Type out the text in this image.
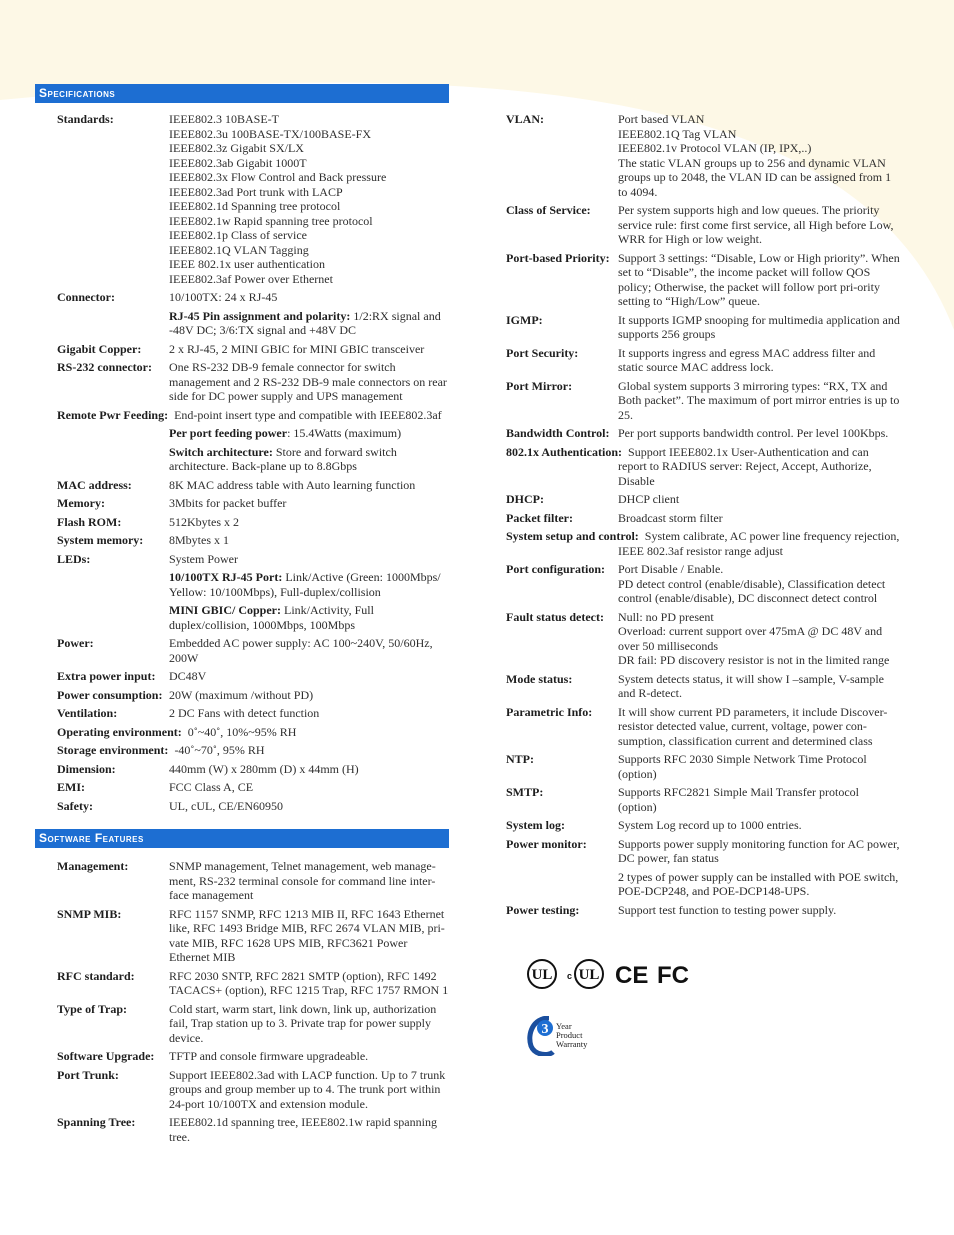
Specifications
Standards:	IEEE802.3 10BASE-T
IEEE802.3u 100BASE-TX/100BASE-FX
IEEE802.3z Gigabit SX/LX
IEEE802.3ab Gigabit 1000T
IEEE802.3x Flow Control and Back pressure
IEEE802.3ad Port trunk with LACP
IEEE802.1d Spanning tree protocol
IEEE802.1w Rapid spanning tree protocol
IEEE802.1p Class of service
IEEE802.1Q VLAN Tagging
IEEE 802.1x user authentication
IEEE802.3af Power over Ethernet
Connector:	10/100TX: 24 x RJ-45
RJ-45 Pin assignment and polarity: 1/2:RX signal and -48V DC; 3/6:TX signal and +48V DC
Gigabit Copper: 2 x RJ-45, 2 MINI GBIC for MINI GBIC transceiver
RS-232 connector: One RS-232 DB-9 female connector for switch management and 2 RS-232 DB-9 male connectors on rear side for DC power supply and UPS management
Remote Pwr Feeding: End-point insert type and compatible with IEEE802.3af
Per port feeding power: 15.4Watts (maximum)
Switch architecture: Store and forward switch architecture. Back-plane up to 8.8Gbps
MAC address:	8K MAC address table with Auto learning function
Memory:	3Mbits for packet buffer
Flash ROM:	512Kbytes x 2
System memory: 8Mbytes x 1
LEDs:	System Power
10/100TX RJ-45 Port: Link/Active (Green: 1000Mbps/ Yellow: 10/100Mbps), Full-duplex/collision
MINI GBIC/ Copper: Link/Activity, Full duplex/collision, 1000Mbps, 100Mbps
Power:	Embedded AC power supply: AC 100~240V, 50/60Hz, 200W
Extra power input: DC48V
Power consumption: 20W (maximum /without PD)
Ventilation:	2 DC Fans with detect function
Operating environment: 0˚~40˚, 10%~95% RH
Storage environment: -40˚~70˚, 95% RH
Dimension:	440mm (W) x 280mm (D) x 44mm (H)
EMI:	FCC Class A, CE
Safety:	UL, cUL, CE/EN60950
Software Features
Management:	SNMP management, Telnet management, web manage-ment, RS-232 terminal console for command line inter-face management
SNMP MIB:	RFC 1157 SNMP, RFC 1213 MIB II, RFC 1643 Ethernet like, RFC 1493 Bridge MIB, RFC 2674 VLAN MIB, pri-vate MIB, RFC 1628 UPS MIB, RFC3621 Power Ethernet MIB
RFC standard:	RFC 2030 SNTP, RFC 2821 SMTP (option), RFC 1492 TACACS+ (option), RFC 1215 Trap, RFC 1757 RMON 1
Type of Trap:	Cold start, warm start, link down, link up, authorization fail, Trap station up to 3. Private trap for power supply device.
Software Upgrade: TFTP and console firmware upgradeable.
Port Trunk:	Support IEEE802.3ad with LACP function. Up to 7 trunk groups and group member up to 4. The trunk port within 24-port 10/100TX and extension module.
Spanning Tree:	IEEE802.1d spanning tree, IEEE802.1w rapid spanning tree.
VLAN:	Port based VLAN
IEEE802.1Q Tag VLAN
IEEE802.1v Protocol VLAN (IP, IPX,..)
The static VLAN groups up to 256 and dynamic VLAN groups up to 2048, the VLAN ID can be assigned from 1 to 4094.
Class of Service: Per system supports high and low queues. The priority service rule: first come first service, all High before Low, WRR for High or low weight.
Port-based Priority: Support 3 settings: “Disable, Low or High priority”. When set to “Disable”, the income packet will follow QOS policy; Otherwise, the packet will follow port pri-ority setting to “High/Low” queue.
IGMP:	It supports IGMP snooping for multimedia application and supports 256 groups
Port Security:	It supports ingress and egress MAC address filter and static source MAC address lock.
Port Mirror:	Global system supports 3 mirroring types: “RX, TX and Both packet”. The maximum of port mirror entries is up to 25.
Bandwidth Control: Per port supports bandwidth control. Per level 100Kbps.
802.1x Authentication: Support IEEE802.1x User-Authentication and can report to RADIUS server: Reject, Accept, Authorize, Disable
DHCP:	DHCP client
Packet filter:	Broadcast storm filter
System setup and control: System calibrate, AC power line frequency rejection, IEEE 802.3af resistor range adjust
Port configuration: Port Disable / Enable.
PD detect control (enable/disable), Classification detect control (enable/disable), DC disconnect detect control
Fault status detect: Null: no PD present
Overload: current support over 475mA @ DC 48V and over 50 milliseconds
DR fail: PD discovery resistor is not in the limited range
Mode status:	System detects status, it will show I –sample, V-sample and R-detect.
Parametric Info: It will show current PD parameters, it include Discover-resistor detected value, current, voltage, power con-sumption, classification current and determined class
NTP:	Supports RFC 2030 Simple Network Time Protocol (option)
SMTP:	Supports RFC2821 Simple Mail Transfer protocol (option)
System log:	System Log record up to 1000 entries.
Power monitor:	Supports power supply monitoring function for AC power, DC power, fan status
2 types of power supply can be installed with POE switch, POE-DCP248, and POE-DCP148-UPS.
Power testing:	Support test function to testing power supply.
UL c UL CE FC
3 Year
Product
Warranty
